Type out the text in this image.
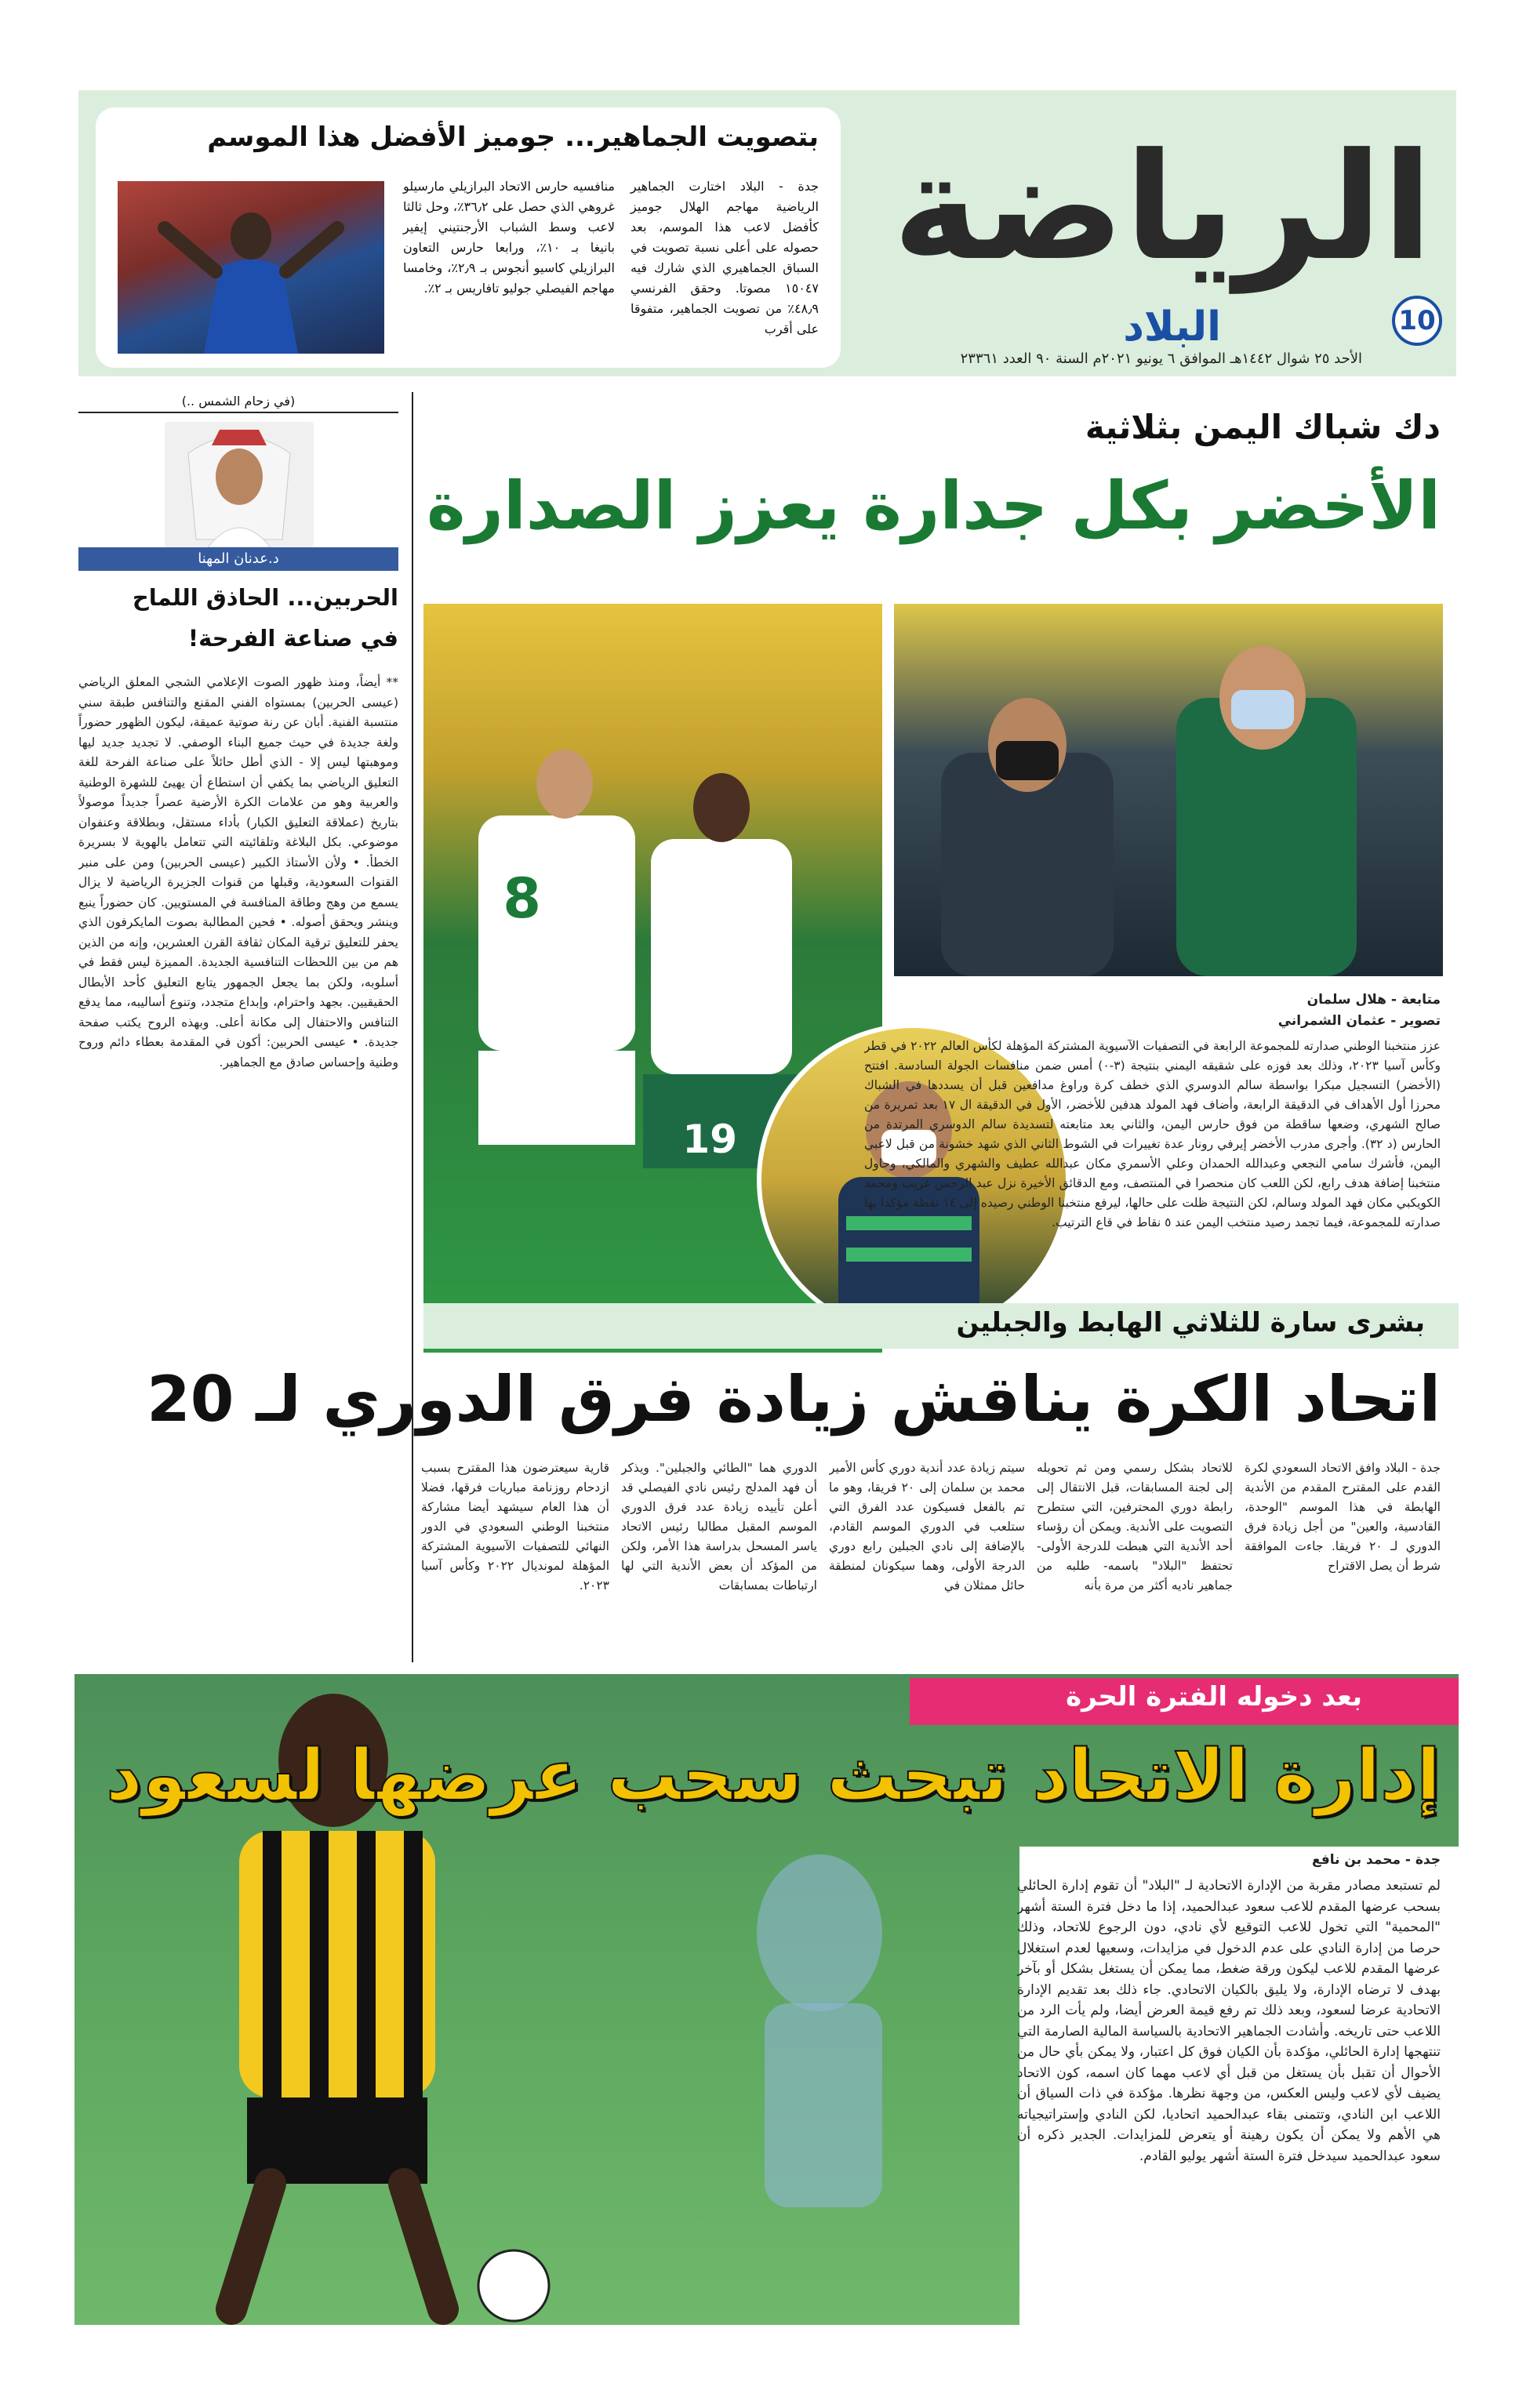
الرياضة
البلاد	10
الأحد ٢٥ شوال ١٤٤٢هـ الموافق ٦ يونيو ٢٠٢١م السنة ٩٠ العدد ٢٣٣٦١
بتصويت الجماهير... جوميز الأفضل هذا الموسم
جدة - البلاد اختارت الجماهير الرياضية مهاجم الهلال جوميز كأفضل لاعب هذا الموسم، بعد حصوله على أعلى نسبة تصويت في السباق الجماهيري الذي شارك فيه ١٥٠٤٧ مصوتا. وحقق الفرنسي ٤٨٫٩٪ من تصويت الجماهير، متفوقا على أقرب
منافسيه حارس الاتحاد البرازيلي مارسيلو غروهي الذي حصل على ٣٦٫٢٪، وحل ثالثا لاعب وسط الشباب الأرجنتيني إيفير بانيغا بـ ١٠٪، ورابعا حارس التعاون البرازيلي كاسيو أنجوس بـ ٢٫٩٪، وخامسا مهاجم الفيصلي جوليو تافاريس بـ ٢٪.
(في زحام الشمس ..)
د.عدنان المهنا
الحربين... الحاذق اللماح
في صناعة الفرحة!
** أيضاً، ومنذ ظهور الصوت الإعلامي الشجي المعلق الرياضي (عيسى الحربين) بمستواه الفني المقنع والتنافس طبقة سني منتسبة الفنية. أبان عن رنة صوتية عميقة، ليكون الظهور حضوراً ولغة جديدة في حيث جميع البناء الوصفي. لا تجديد جديد ليها وموهبتها ليس إلا - الذي أطل حائلاً على صناعة الفرحة للغة التعليق الرياضي بما يكفي أن استطاع أن يهيئ للشهرة الوطنية والعربية وهو من علامات الكرة الأرضية عصراً جديداً موصولاً بتاريخ (عملاقة التعليق الكبار) بأداء مستقل، وبطلاقة وعنفوان موضوعي. بكل البلاغة وتلقائيته التي تتعامل بالهوية لا بسريرة الخطأ. • ولأن الأستاذ الكبير (عيسى الحربين) ومن على منبر القنوات السعودية، وقبلها من قنوات الجزيرة الرياضية لا يزال يسمع من وهج وطاقة المنافسة في المستويين. كان حضوراً ينبع وينشر ويحقق أصوله. • فحين المطالبة بصوت المايكرفون الذي يحفر للتعليق ترقية المكان ثقافة القرن العشرين، وإنه من الذين هم من بين اللحظات التنافسية الجديدة. المميزة ليس فقط في أسلوبه، ولكن بما يجعل الجمهور يتابع التعليق كأحد الأبطال الحقيقيين. بجهد واحترام، وإبداع متجدد، وتنوع أساليبه، مما يدفع التنافس والاحتفال إلى مكانة أعلى. وبهذه الروح يكتب صفحة جديدة. • عيسى الحربين: أكون في المقدمة بعطاء دائم وروح وطنية وإحساس صادق مع الجماهير.
دك شباك اليمن بثلاثية
الأخضر بكل جدارة يعزز الصدارة
8
19
متابعة - هلال سلمان
تصوير - عثمان الشمراني
عزز منتخبنا الوطني صدارته للمجموعة الرابعة في التصفيات الآسيوية المشتركة المؤهلة لكأس العالم ٢٠٢٢ في قطر وكأس آسيا ٢٠٢٣، وذلك بعد فوزه على شقيقه اليمني بنتيجة (٣-٠) أمس ضمن منافسات الجولة السادسة. افتتح (الأخضر) التسجيل مبكرا بواسطة سالم الدوسري الذي خطف كرة وراوغ مدافعين قبل أن يسددها في الشباك محرزا أول الأهداف في الدقيقة الرابعة، وأضاف فهد المولد هدفين للأخضر، الأول في الدقيقة ال ١٧ بعد تمريرة من صالح الشهري، وضعها ساقطة من فوق حارس اليمن، والثاني بعد متابعته لتسديدة سالم الدوسري المرتدة من الحارس (د ٣٢). وأجرى مدرب الأخضر إيرفي رونار عدة تغييرات في الشوط الثاني الذي شهد خشونة من قبل لاعبي اليمن، فأشرك سامي النجعي وعبدالله الحمدان وعلي الأسمري مكان عبدالله عطيف والشهري والمالكي، وحاول منتخبنا إضافة هدف رابع، لكن اللعب كان منحصرا في المنتصف، ومع الدقائق الأخيرة نزل عبد الرحمن غريب ومحمد الكويكبي مكان فهد المولد وسالم، لكن النتيجة ظلت على حالها، ليرفع منتخبنا الوطني رصيده إلى ١٤ نقطة مؤكدا بها صدارته للمجموعة، فيما تجمد رصيد منتخب اليمن عند ٥ نقاط في قاع الترتيب.
بشرى سارة للثلاثي الهابط والجبلين
اتحاد الكرة يناقش زيادة فرق الدوري لـ 20
جدة - البلاد وافق الاتحاد السعودي لكرة القدم على المقترح المقدم من الأندية الهابطة في هذا الموسم "الوحدة، القادسية، والعين" من أجل زيادة فرق الدوري لـ ٢٠ فريقا. جاءت الموافقة شرط أن يصل الاقتراح
للاتحاد بشكل رسمي ومن ثم تحويله إلى لجنة المسابقات، قبل الانتقال إلى رابطة دوري المحترفين، التي ستطرح التصويت على الأندية. ويمكن أن رؤساء أحد الأندية التي هبطت للدرجة الأولى- تحتفظ "البلاد" باسمه- طلبه من جماهير ناديه أكثر من مرة بأنه
سيتم زيادة عدد أندية دوري كأس الأمير محمد بن سلمان إلى ٢٠ فريقا، وهو ما تم بالفعل فسيكون عدد الفرق التي ستلعب في الدوري الموسم القادم، بالإضافة إلى نادي الجبلين رابع دوري الدرجة الأولى، وهما سيكونان لمنطقة حائل ممثلان في
الدوري هما "الطائي والجبلين". ويذكر أن فهد المدلج رئيس نادي الفيصلي قد أعلن تأييده زيادة عدد فرق الدوري الموسم المقبل مطالبا رئيس الاتحاد ياسر المسحل بدراسة هذا الأمر، ولكن من المؤكد أن بعض الأندية التي لها ارتباطات بمسابقات
قارية سيعترضون هذا المقترح بسبب ازدحام روزنامة مباريات فرقها، فضلا أن هذا العام سيشهد أيضا مشاركة منتخبنا الوطني السعودي في الدور النهائي للتصفيات الآسيوية المشتركة المؤهلة لمونديال ٢٠٢٢ وكأس آسيا ٢٠٢٣.
بعد دخوله الفترة الحرة
إدارة الاتحاد تبحث سحب عرضها لسعود
جدة - محمد بن نافع
لم تستبعد مصادر مقربة من الإدارة الاتحادية لـ "البلاد" أن تقوم إدارة الحائلي بسحب عرضها المقدم للاعب سعود عبدالحميد، إذا ما دخل فترة الستة أشهر "المحمية" التي تخول للاعب التوقيع لأي نادي، دون الرجوع للاتحاد، وذلك حرصا من إدارة النادي على عدم الدخول في مزايدات، وسعيها لعدم استغلال عرضها المقدم للاعب ليكون ورقة ضغط، مما يمكن أن يستغل بشكل أو بآخر بهدف لا ترضاه الإدارة، ولا يليق بالكيان الاتحادي. جاء ذلك بعد تقديم الإدارة الاتحادية عرضا لسعود، وبعد ذلك تم رفع قيمة العرض أيضا، ولم يأت الرد من اللاعب حتى تاريخه. وأشادت الجماهير الاتحادية بالسياسة المالية الصارمة التي تنتهجها إدارة الحائلي، مؤكدة بأن الكيان فوق كل اعتبار، ولا يمكن بأي حال من الأحوال أن تقبل بأن يستغل من قبل أي لاعب مهما كان اسمه، كون الاتحاد يضيف لأي لاعب وليس العكس، من وجهة نظرها. مؤكدة في ذات السياق أن اللاعب ابن النادي، وتتمنى بقاء عبدالحميد اتحاديا، لكن النادي وإستراتيجياته هي الأهم ولا يمكن أن يكون رهينة أو يتعرض للمزايدات. الجدير ذكره أن سعود عبدالحميد سيدخل فترة الستة أشهر يوليو القادم.
